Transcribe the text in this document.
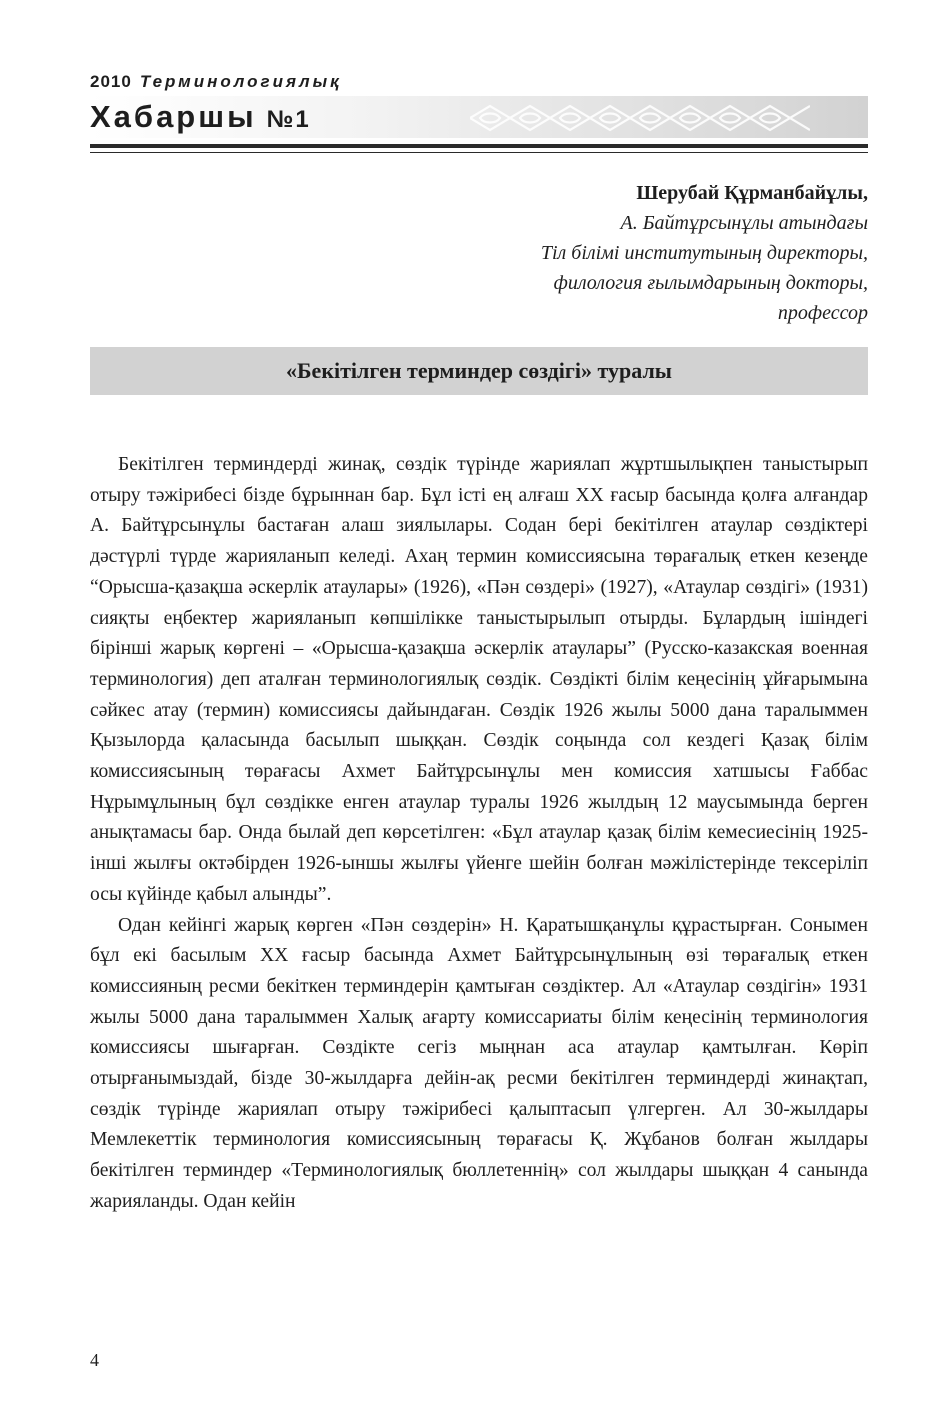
2010 Терминологиялық
Хабаршы №1
Шерубай Құрманбайұлы,
А. Байтұрсынұлы атындағы
Тіл білімі институтының директоры,
филология ғылымдарының докторы,
профессор
«Бекітілген терминдер сөздігі» туралы

Бекітілген терминдерді жинақ, сөздік түрінде жариялап жұртшылықпен таныстырып отыру тәжірибесі бізде бұрыннан бар. Бұл істі ең алғаш XX ғасыр басында қолға алғандар А. Байтұрсынұлы бастаған алаш зиялылары. Содан бері бекітілген атаулар сөздіктері дәстүрлі түрде жарияланып келеді. Ахаң термин комиссиясына төрағалық еткен кезеңде “Орысша-қазақша әскерлік атаулары» (1926), «Пән сөздері» (1927), «Атаулар сөздігі» (1931) сияқты еңбектер жарияланып көпшілікке таныстырылып отырды. Бұлардың ішіндегі бірінші жарық көргені – «Орысша-қазақша әскерлік атаулары” (Русско-казакская военная терминология) деп аталған терминологиялық сөздік. Сөздікті білім кеңесінің ұйғарымына сәйкес атау (термин) комиссиясы дайындаған. Сөздік 1926 жылы 5000 дана таралыммен Қызылорда қаласында басылып шыққан. Сөздік соңында сол кездегі Қазақ білім комиссиясының төрағасы Ахмет Байтұрсынұлы мен комиссия хатшысы Ғаббас Нұрымұлының бұл сөздікке енген атаулар туралы 1926 жылдың 12 маусымында берген анықтамасы бар. Онда былай деп көрсетілген: «Бұл атаулар қазақ білім кемесиесінің 1925-інші жылғы октәбірден 1926-ыншы жылғы үйенге шейін болған мәжілістерінде тексеріліп осы күйінде қабыл алынды”.

Одан кейінгі жарық көрген «Пән сөздерін» Н. Қаратышқанұлы құрастырған. Сонымен бұл екі басылым XX ғасыр басында Ахмет Байтұрсынұлының өзі төрағалық еткен комиссияның ресми бекіткен терминдерін қамтыған сөздіктер. Ал «Атаулар сөздігін» 1931 жылы 5000 дана таралыммен Халық ағарту комиссариаты білім кеңесінің терминология комиссиясы шығарған. Сөздікте сегіз мыңнан аса атаулар қамтылған. Көріп отырғанымыздай, бізде 30-жылдарға дейін-ақ ресми бекітілген терминдерді жинақтап, сөздік түрінде жариялап отыру тәжірибесі қалыптасып үлгерген. Ал 30-жылдары Мемлекеттік терминология комиссиясының төрағасы Қ. Жұбанов болған жылдары бекітілген терминдер «Терминологиялық бюллетеннің» сол жылдары шыққан 4 санында жарияланды. Одан кейін

4
